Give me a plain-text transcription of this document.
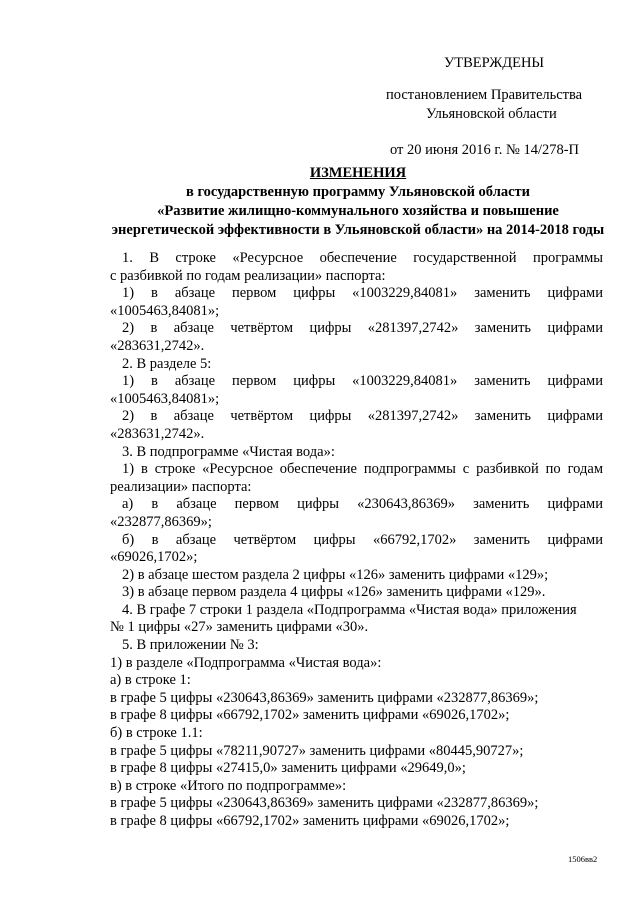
УТВЕРЖДЕНЫ
постановлением Правительства
Ульяновской области
от 20 июня 2016 г. № 14/278-П
ИЗМЕНЕНИЯ
в государственную программу Ульяновской области
«Развитие жилищно-коммунального хозяйства и повышение
энергетической эффективности в Ульяновской области» на 2014-2018 годы
1. В строке «Ресурсное обеспечение государственной программы
с разбивкой по годам реализации» паспорта:
1) в абзаце первом цифры «1003229,84081» заменить цифрами
«1005463,84081»;
2) в абзаце четвёртом цифры «281397,2742» заменить цифрами
«283631,2742».
2. В разделе 5:
1) в абзаце первом цифры «1003229,84081» заменить цифрами
«1005463,84081»;
2) в абзаце четвёртом цифры «281397,2742» заменить цифрами
«283631,2742».
3. В подпрограмме «Чистая вода»:
1) в строке «Ресурсное обеспечение подпрограммы с разбивкой по годам
реализации» паспорта:
а) в абзаце первом цифры «230643,86369» заменить цифрами
«232877,86369»;
б) в абзаце четвёртом цифры «66792,1702» заменить цифрами
«69026,1702»;
2) в абзаце шестом раздела 2 цифры «126» заменить цифрами «129»;
3) в абзаце первом раздела 4 цифры «126» заменить цифрами «129».
4. В графе 7 строки 1 раздела «Подпрограмма «Чистая вода» приложения
№ 1 цифры «27» заменить цифрами «30».
5. В приложении № 3:
1) в разделе «Подпрограмма «Чистая вода»:
а) в строке 1:
в графе 5 цифры «230643,86369» заменить цифрами «232877,86369»;
в графе 8 цифры «66792,1702» заменить цифрами «69026,1702»;
б) в строке 1.1:
в графе 5 цифры «78211,90727» заменить цифрами «80445,90727»;
в графе 8 цифры «27415,0» заменить цифрами «29649,0»;
в) в строке «Итого по подпрограмме»:
в графе 5 цифры «230643,86369» заменить цифрами «232877,86369»;
в графе 8 цифры «66792,1702» заменить цифрами «69026,1702»;
1506вв2
